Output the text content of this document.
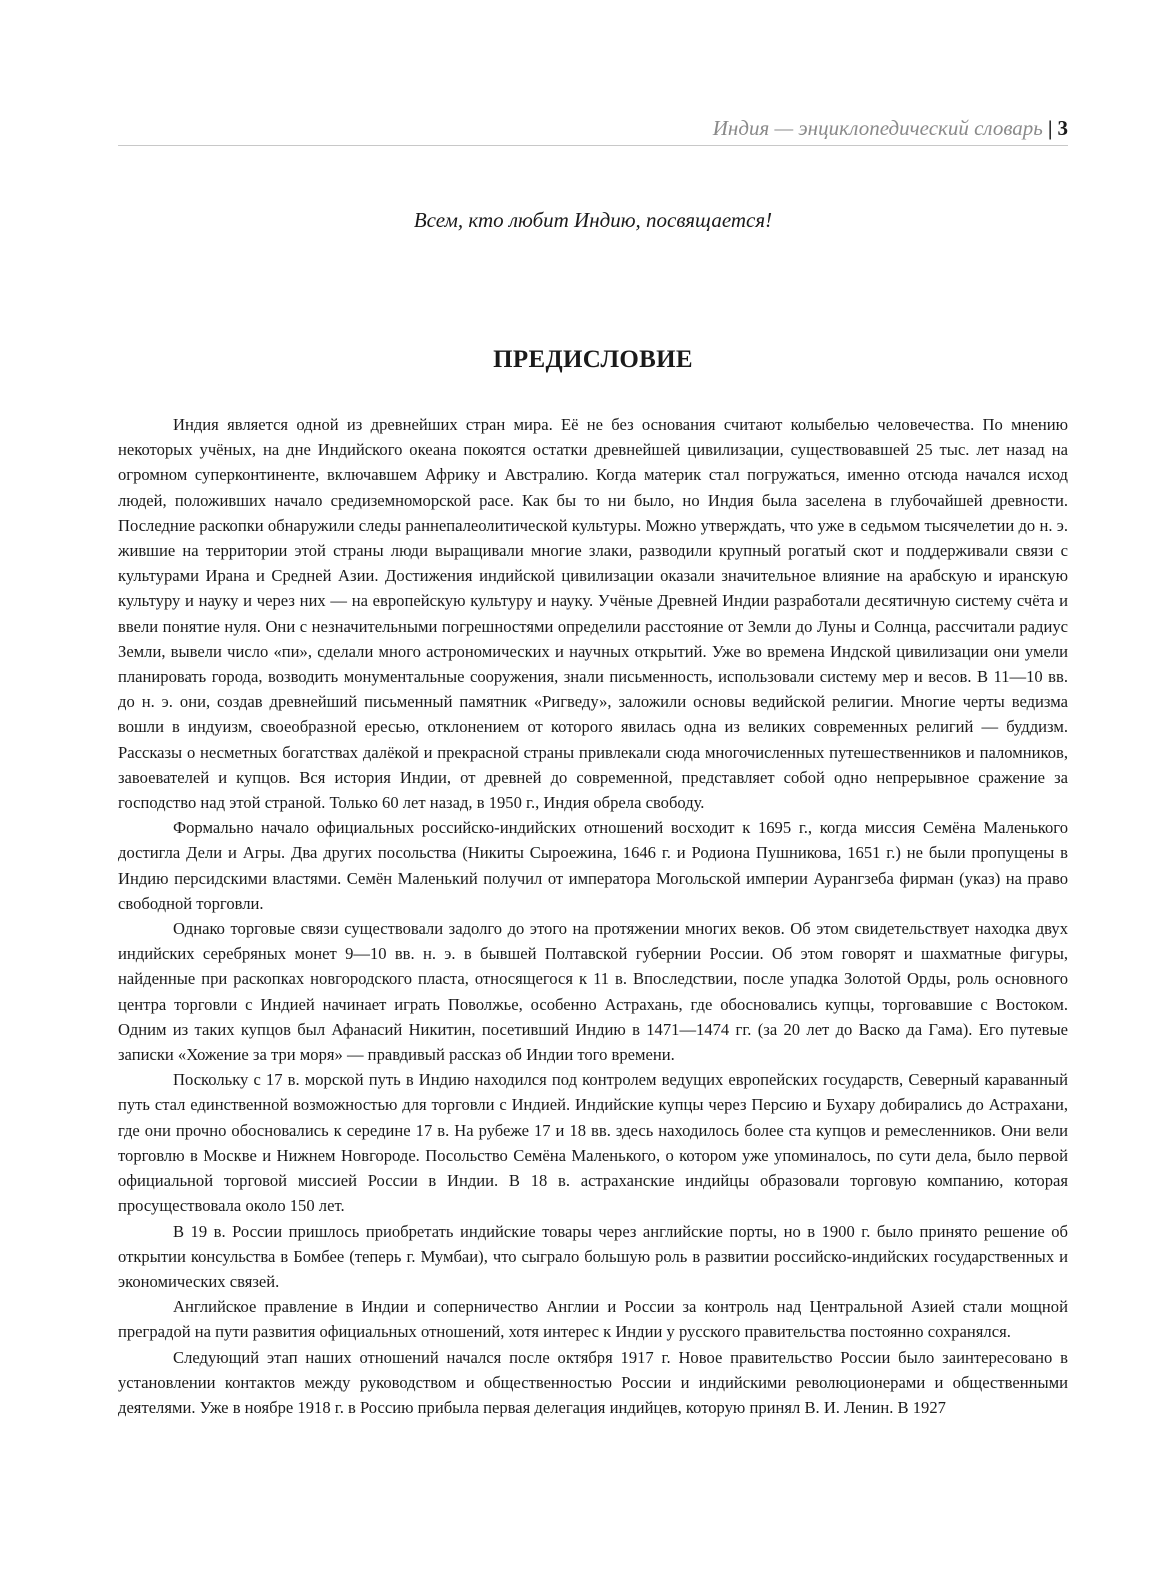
Индия — энциклопедический словарь | 3
Всем, кто любит Индию, посвящается!
ПРЕДИСЛОВИЕ

Индия является одной из древнейших стран мира. Её не без основания считают колыбелью человечества. По мнению некоторых учёных, на дне Индийского океана покоятся остатки древнейшей цивилизации, существовавшей 25 тыс. лет назад на огромном суперконтиненте, включавшем Африку и Австралию. Когда материк стал погружаться, именно отсюда начался исход людей, положивших начало средиземноморской расе. Как бы то ни было, но Индия была заселена в глубочайшей древности. Последние раскопки обнаружили следы раннепалеолитической культуры. Можно утверждать, что уже в седьмом тысячелетии до н. э. жившие на территории этой страны люди выращивали многие злаки, разводили крупный рогатый скот и поддерживали связи с культурами Ирана и Средней Азии. Достижения индийской цивилизации оказали значительное влияние на арабскую и иранскую культуру и науку и через них — на европейскую культуру и науку. Учёные Древней Индии разработали десятичную систему счёта и ввели понятие нуля. Они с незначительными погрешностями определили расстояние от Земли до Луны и Солнца, рассчитали радиус Земли, вывели число «пи», сделали много астрономических и научных открытий. Уже во времена Индской цивилизации они умели планировать города, возводить монументальные сооружения, знали письменность, использовали систему мер и весов. В 11—10 вв. до н. э. они, создав древнейший письменный памятник «Ригведу», заложили основы ведийской религии. Многие черты ведизма вошли в индуизм, своеобразной ересью, отклонением от которого явилась одна из великих современных религий — буддизм. Рассказы о несметных богатствах далёкой и прекрасной страны привлекали сюда многочисленных путешественников и паломников, завоевателей и купцов. Вся история Индии, от древней до современной, представляет собой одно непрерывное сражение за господство над этой страной. Только 60 лет назад, в 1950 г., Индия обрела свободу.

Формально начало официальных российско-индийских отношений восходит к 1695 г., когда миссия Семёна Маленького достигла Дели и Агры. Два других посольства (Никиты Сыроежина, 1646 г. и Родиона Пушникова, 1651 г.) не были пропущены в Индию персидскими властями. Семён Маленький получил от императора Могольской империи Аурангзеба фирман (указ) на право свободной торговли.

Однако торговые связи существовали задолго до этого на протяжении многих веков. Об этом свидетельствует находка двух индийских серебряных монет 9—10 вв. н. э. в бывшей Полтавской губернии России. Об этом говорят и шахматные фигуры, найденные при раскопках новгородского пласта, относящегося к 11 в. Впоследствии, после упадка Золотой Орды, роль основного центра торговли с Индией начинает играть Поволжье, особенно Астрахань, где обосновались купцы, торговавшие с Востоком. Одним из таких купцов был Афанасий Никитин, посетивший Индию в 1471—1474 гг. (за 20 лет до Васко да Гама). Его путевые записки «Хожение за три моря» — правдивый рассказ об Индии того времени.

Поскольку с 17 в. морской путь в Индию находился под контролем ведущих европейских государств, Северный караванный путь стал единственной возможностью для торговли с Индией. Индийские купцы через Персию и Бухару добирались до Астрахани, где они прочно обосновались к середине 17 в. На рубеже 17 и 18 вв. здесь находилось более ста купцов и ремесленников. Они вели торговлю в Москве и Нижнем Новгороде. Посольство Семёна Маленького, о котором уже упоминалось, по сути дела, было первой официальной торговой миссией России в Индии. В 18 в. астраханские индийцы образовали торговую компанию, которая просуществовала около 150 лет.

В 19 в. России пришлось приобретать индийские товары через английские порты, но в 1900 г. было принято решение об открытии консульства в Бомбее (теперь г. Мумбаи), что сыграло большую роль в развитии российско-индийских государственных и экономических связей.

Английское правление в Индии и соперничество Англии и России за контроль над Центральной Азией стали мощной преградой на пути развития официальных отношений, хотя интерес к Индии у русского правительства постоянно сохранялся.

Следующий этап наших отношений начался после октября 1917 г. Новое правительство России было заинтересовано в установлении контактов между руководством и общественностью России и индийскими революционерами и общественными деятелями. Уже в ноябре 1918 г. в Россию прибыла первая делегация индийцев, которую принял В. И. Ленин. В 1927
